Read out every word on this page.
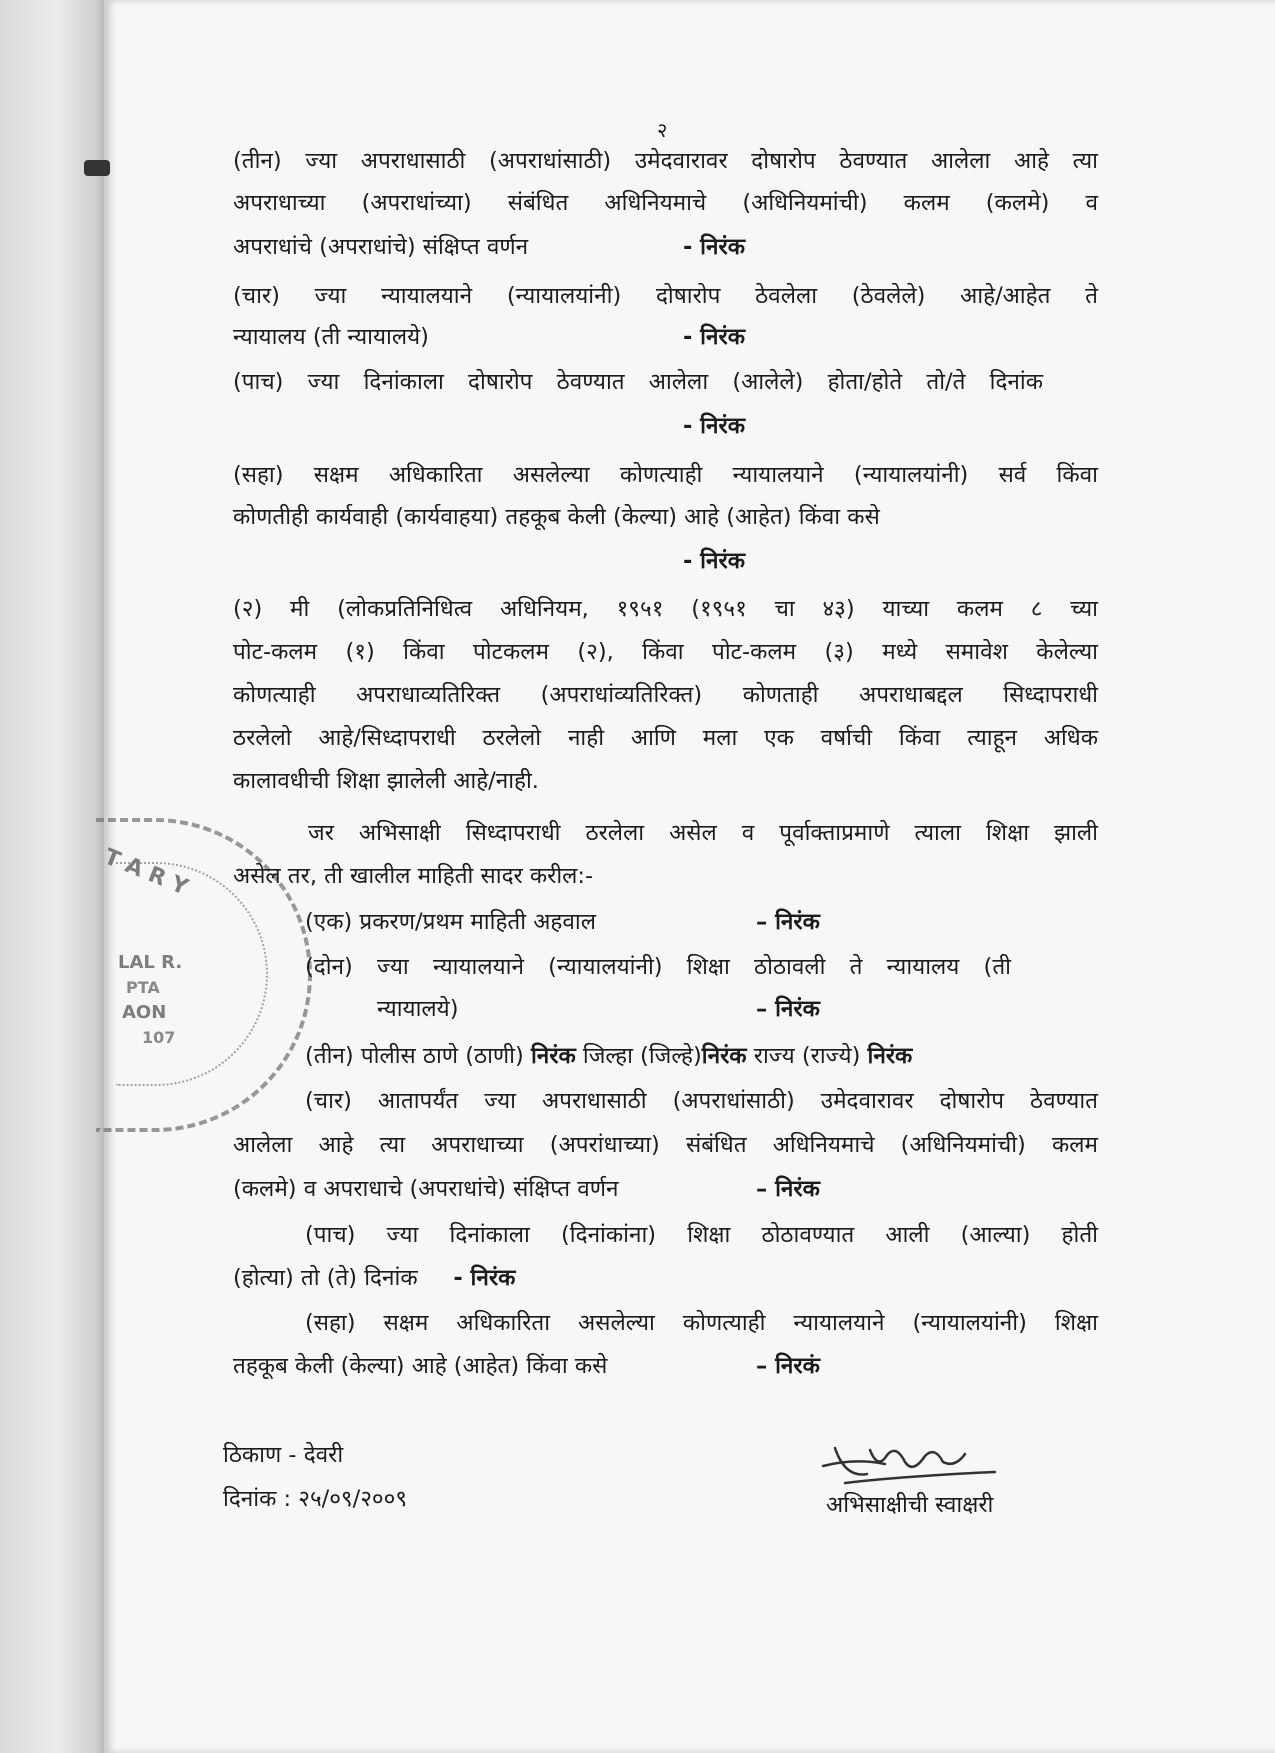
T A R Y
LAL R.
PTA
AON
107
२
(तीन) ज्या अपराधासाठी (अपराधांसाठी) उमेदवारावर दोषारोप ठेवण्यात आलेला आहे त्या
अपराधाच्या (अपराधांच्या) संबंधित अधिनियमाचे (अधिनियमांची) कलम (कलमे) व
अपराधांचे (अपराधांचे) संक्षिप्त वर्णन	- निरंक
(चार) ज्या न्यायालयाने (न्यायालयांनी) दोषारोप ठेवलेला (ठेवलेले) आहे/आहेत ते
न्यायालय (ती न्यायालये)	- निरंक
(पाच) ज्या दिनांकाला दोषारोप ठेवण्यात आलेला (आलेले) होता/होते तो/ते दिनांक
- निरंक
(सहा) सक्षम अधिकारिता असलेल्या कोणत्याही न्यायालयाने (न्यायालयांनी) सर्व किंवा
कोणतीही कार्यवाही (कार्यवाहया) तहकूब केली (केल्या) आहे (आहेत) किंवा कसे
- निरंक
(२) मी (लोकप्रतिनिधित्व अधिनियम, १९५१ (१९५१ चा ४३) याच्या कलम ८ च्या
पोट-कलम (१) किंवा पोटकलम (२), किंवा पोट-कलम (३) मध्ये समावेश केलेल्या
कोणत्याही अपराधाव्यतिरिक्त (अपराधांव्यतिरिक्त) कोणताही अपराधाबद्दल सिध्दापराधी
ठरलेलो आहे/सिध्दापराधी ठरलेलो नाही आणि मला एक वर्षाची किंवा त्याहून अधिक
कालावधीची शिक्षा झालेली आहे/नाही.
जर अभिसाक्षी सिध्दापराधी ठरलेला असेल व पूर्वाक्ताप्रमाणे त्याला शिक्षा झाली
असेल तर, ती खालील माहिती सादर करील:-
(एक) प्रकरण/प्रथम माहिती अहवाल	– निरंक
(दोन) ज्या न्यायालयाने (न्यायालयांनी) शिक्षा ठोठावली ते न्यायालय (ती
न्यायालये)	– निरंक
(तीन) पोलीस ठाणे (ठाणी) निरंक जिल्हा (जिल्हे)निरंक राज्य (राज्ये) निरंक
(चार) आतापर्यंत ज्या अपराधासाठी (अपराधांसाठी) उमेदवारावर दोषारोप ठेवण्यात
आलेला आहे त्या अपराधाच्या (अपरांधाच्या) संबंधित अधिनियमाचे (अधिनियमांची) कलम
(कलमे) व अपराधाचे (अपराधांचे) संक्षिप्त वर्णन	– निरंक
(पाच) ज्या दिनांकाला (दिनांकांना) शिक्षा ठोठावण्यात आली (आल्या) होती
(होत्या) तो (ते) दिनांक - निरंक
(सहा) सक्षम अधिकारिता असलेल्या कोणत्याही न्यायालयाने (न्यायालयांनी) शिक्षा
तहकूब केली (केल्या) आहे (आहेत) किंवा कसे	– निरकं
ठिकाण - देवरी
दिनांक : २५/०९/२००९	अभिसाक्षीची स्वाक्षरी
